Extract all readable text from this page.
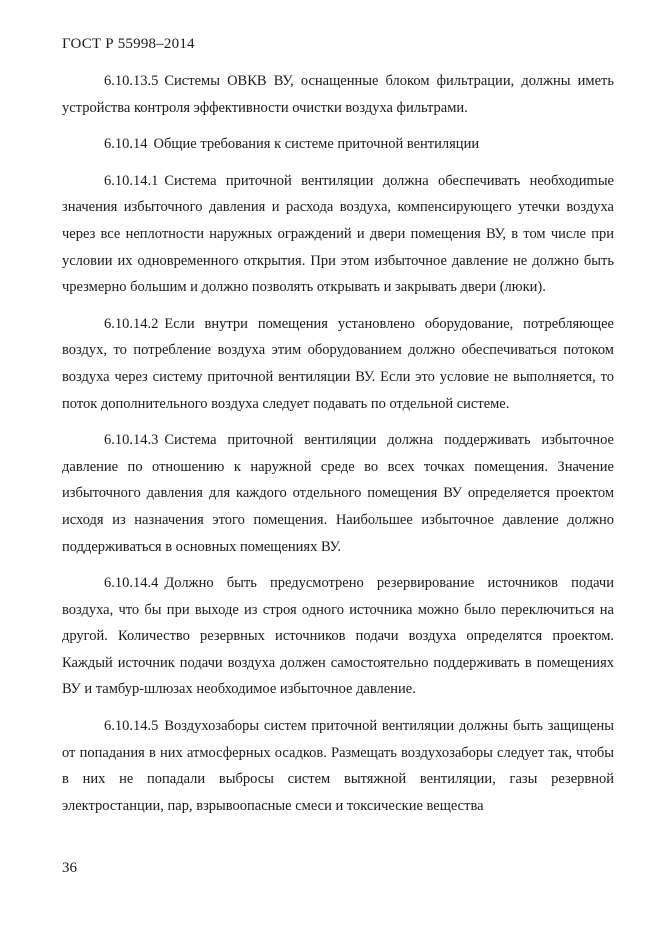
ГОСТ Р 55998–2014

6.10.13.5 Системы ОВКВ ВУ, оснащенные блоком фильтрации, должны иметь устройства контроля эффективности очистки воздуха фильтрами.

6.10.14 Общие требования к системе приточной вентиляции

6.10.14.1 Система приточной вентиляции должна обеспечивать необходиmые значения избыточного давления и расхода воздуха, компенсирующего утечки воздуха через все неплотности наружных ограждений и двери помещения ВУ, в том числе при условии их одновременного открытия. При этом избыточное давление не должно быть чрезмерно большим и должно позволять открывать и закрывать двери (люки).

6.10.14.2 Если внутри помещения установлено оборудование, потребляющее воздух, то потребление воздуха этим оборудованием должно обеспечиваться потоком воздуха через систему приточной вентиляции ВУ. Если это условие не выполняется, то поток дополнительного воздуха следует подавать по отдельной системе.

6.10.14.3 Система приточной вентиляции должна поддерживать избыточное давление по отношению к наружной среде во всех точках помещения. Значение избыточного давления для каждого отдельного помещения ВУ определяется проектом исходя из назначения этого помещения. Наибольшее избыточное давление должно поддерживаться в основных помещениях ВУ.

6.10.14.4 Должно быть предусмотрено резервирование источников подачи воздуха, что бы при выходе из строя одного источника можно было переключиться на другой. Количество резервных источников подачи воздуха определятся проектом. Каждый источник подачи воздуха должен самостоятельно поддерживать в помещениях ВУ и тамбур-шлюзах необходимое избыточное давление.

6.10.14.5 Воздухозаборы систем приточной вентиляции должны быть защищены от попадания в них атмосферных осадков. Размещать воздухозаборы следует так, чтобы в них не попадали выбросы систем вытяжной вентиляции, газы резервной электростанции, пар, взрывоопасные смеси и токсические вещества

36
